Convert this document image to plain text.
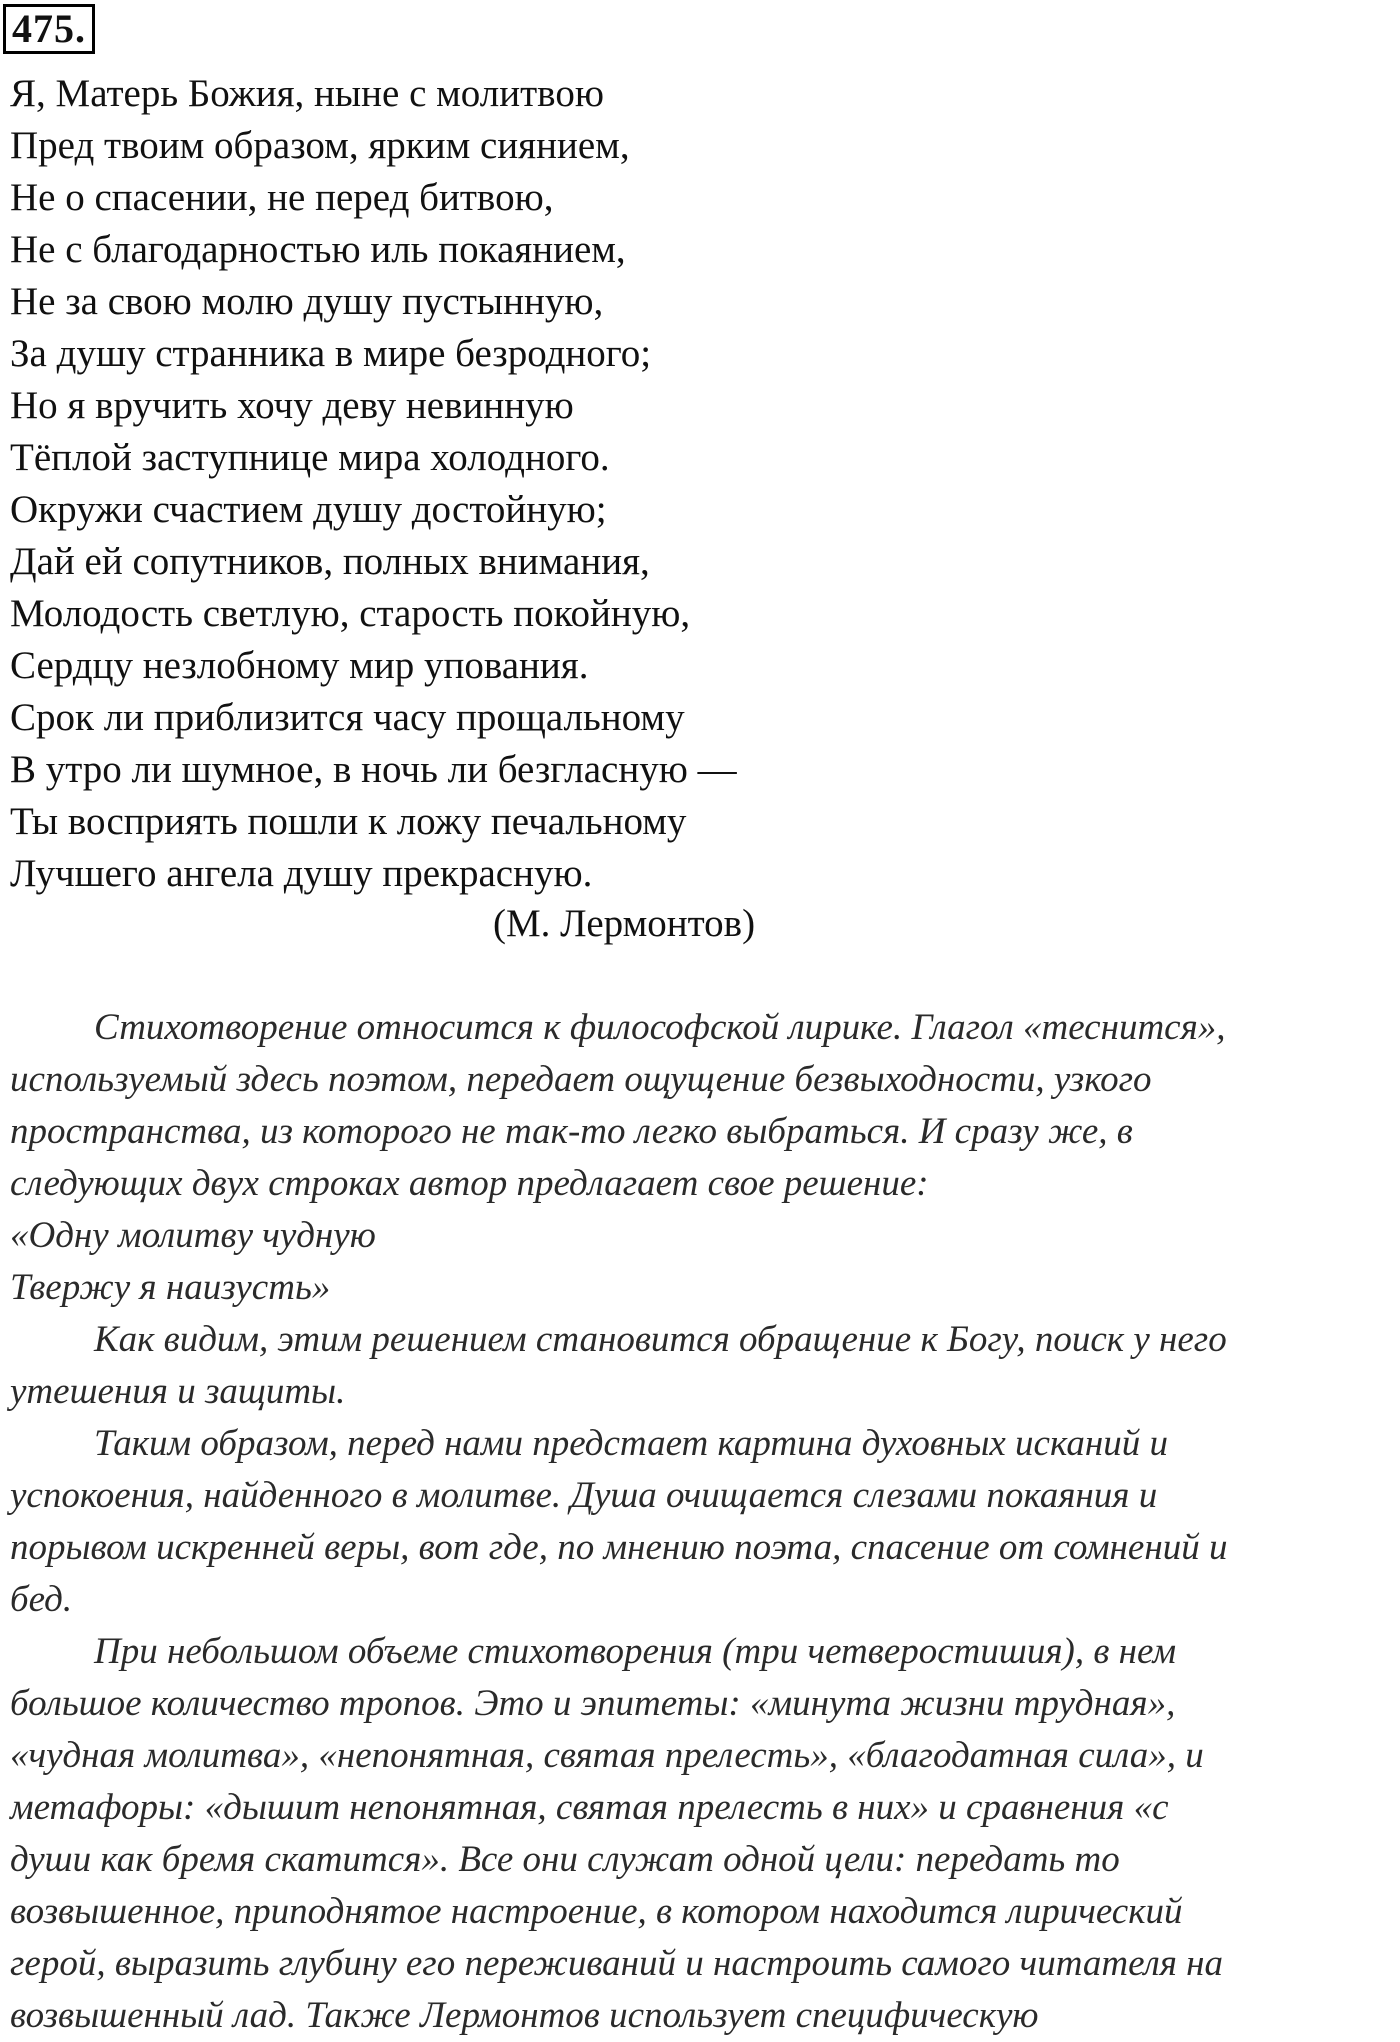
475.
Я, Матерь Божия, ныне с молитвою
Пред твоим образом, ярким сиянием,
Не о спасении, не перед битвою,
Не с благодарностью иль покаянием,
Не за свою молю душу пустынную,
За душу странника в мире безродного;
Но я вручить хочу деву невинную
Тёплой заступнице мира холодного.
Окружи счастием душу достойную;
Дай ей сопутников, полных внимания,
Молодость светлую, старость покойную,
Сердцу незлобному мир упования.
Срок ли приблизится часу прощальному
В утро ли шумное, в ночь ли безгласную —
Ты восприять пошли к ложу печальному
Лучшего ангела душу прекрасную.
(М. Лермонтов)
Стихотворение относится к философской лирике. Глагол «теснится»,
используемый здесь поэтом, передает ощущение безвыходности, узкого
пространства, из которого не так-то легко выбраться. И сразу же, в
следующих двух строках автор предлагает свое решение:
«Одну молитву чудную
Твержу я наизусть»
Как видим, этим решением становится обращение к Богу, поиск у него
утешения и защиты.
Таким образом, перед нами предстает картина духовных исканий и
успокоения, найденного в молитве. Душа очищается слезами покаяния и
порывом искренней веры, вот где, по мнению поэта, спасение от сомнений и
бед.
При небольшом объеме стихотворения (три четверостишия), в нем
большое количество тропов. Это и эпитеты: «минута жизни трудная»,
«чудная молитва», «непонятная, святая прелесть», «благодатная сила», и
метафоры: «дышит непонятная, святая прелесть в них» и сравнения «с
души как бремя скатится». Все они служат одной цели: передать то
возвышенное, приподнятое настроение, в котором находится лирический
герой, выразить глубину его переживаний и настроить самого читателя на
возвышенный лад. Также Лермонтов использует специфическую
